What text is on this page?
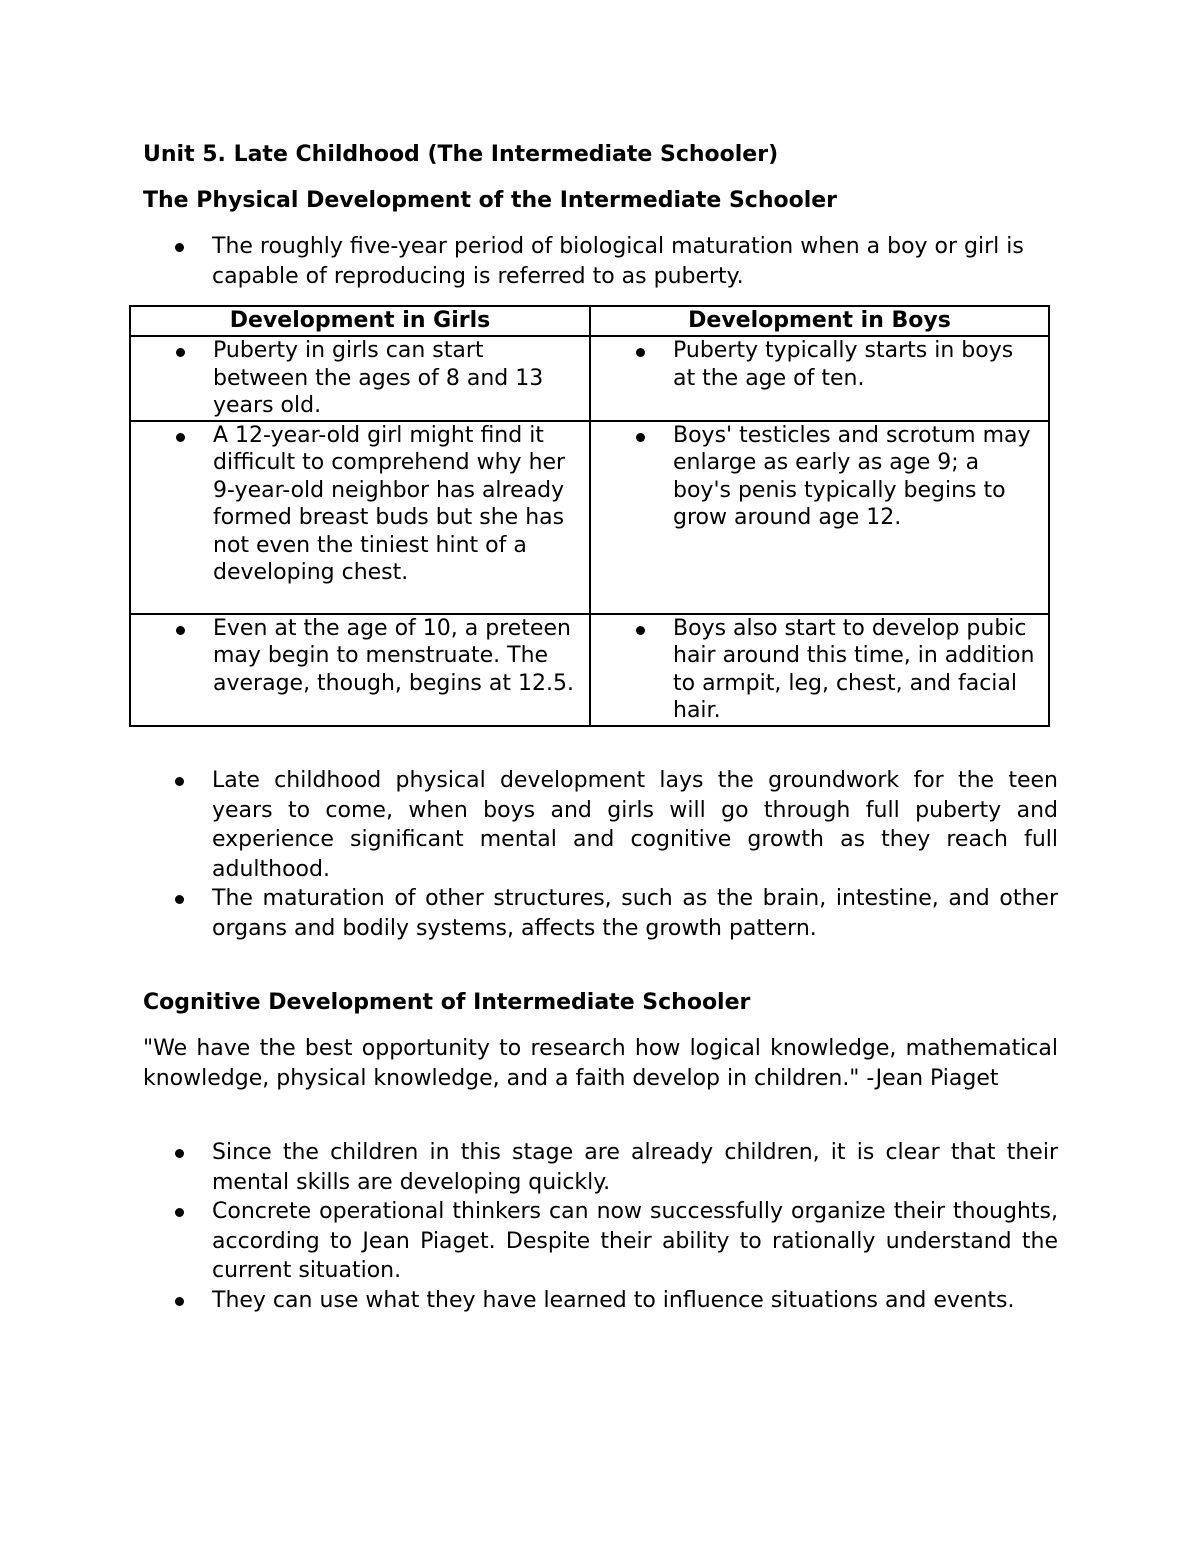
Unit 5. Late Childhood (The Intermediate Schooler)
The Physical Development of the Intermediate Schooler
The roughly five-year period of biological maturation when a boy or girl is capable of reproducing is referred to as puberty.
Development in Girls	Development in Boys

Puberty in girls can start between the ages of 8 and 13 years old.	Puberty typically starts in boys at the age of ten.

A 12-year-old girl might find it difficult to comprehend why her 9-year-old neighbor has already formed breast buds but she has not even the tiniest hint of a developing chest.	Boys' testicles and scrotum may enlarge as early as age 9; a boy's penis typically begins to grow around age 12.

Even at the age of 10, a preteen may begin to menstruate. The average, though, begins at 12.5.	Boys also start to develop pubic hair around this time, in addition to armpit, leg, chest, and facial hair.
Late childhood physical development lays the groundwork for the teen years to come, when boys and girls will go through full puberty and experience significant mental and cognitive growth as they reach full adulthood.
The maturation of other structures, such as the brain, intestine, and other organs and bodily systems, affects the growth pattern.
Cognitive Development of Intermediate Schooler
"We have the best opportunity to research how logical knowledge, mathematical knowledge, physical knowledge, and a faith develop in children." -Jean Piaget
Since the children in this stage are already children, it is clear that their mental skills are developing quickly.
Concrete operational thinkers can now successfully organize their thoughts, according to Jean Piaget. Despite their ability to rationally understand the current situation.
They can use what they have learned to influence situations and events.
